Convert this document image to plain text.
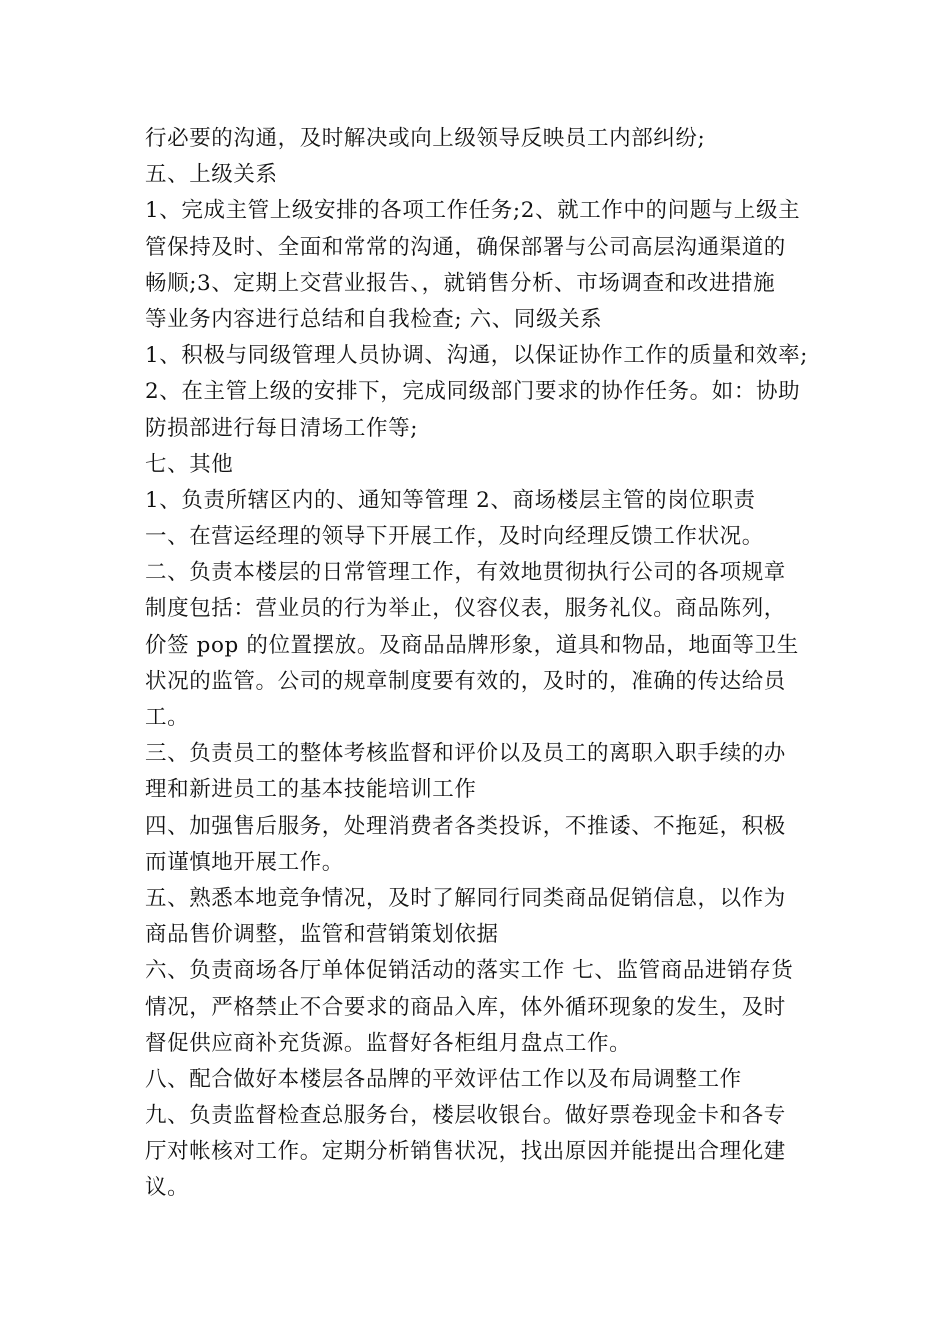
行必要的沟通，及时解决或向上级领导反映员工内部纠纷;
五、上级关系
1、完成主管上级安排的各项工作任务;2、就工作中的问题与上级主
管保持及时、全面和常常的沟通，确保部署与公司高层沟通渠道的
畅顺;3、定期上交营业报告、，就销售分析、市场调查和改进措施
等业务内容进行总结和自我检查; 六、同级关系
1、积极与同级管理人员协调、沟通，以保证协作工作的质量和效率;
2、在主管上级的安排下，完成同级部门要求的协作任务。如：协助
防损部进行每日清场工作等;
七、其他
1、负责所辖区内的、通知等管理 2、商场楼层主管的岗位职责
一、在营运经理的领导下开展工作，及时向经理反馈工作状况。
二、负责本楼层的日常管理工作，有效地贯彻执行公司的各项规章
制度包括：营业员的行为举止，仪容仪表，服务礼仪。商品陈列，
价签 pop 的位置摆放。及商品品牌形象，道具和物品，地面等卫生
状况的监管。公司的规章制度要有效的，及时的，准确的传达给员
工。
三、负责员工的整体考核监督和评价以及员工的离职入职手续的办
理和新进员工的基本技能培训工作
四、加强售后服务，处理消费者各类投诉，不推诿、不拖延，积极
而谨慎地开展工作。
五、熟悉本地竞争情况，及时了解同行同类商品促销信息，以作为
商品售价调整，监管和营销策划依据
六、负责商场各厅单体促销活动的落实工作 七、监管商品进销存货
情况，严格禁止不合要求的商品入库，体外循环现象的发生，及时
督促供应商补充货源。监督好各柜组月盘点工作。
八、配合做好本楼层各品牌的平效评估工作以及布局调整工作
九、负责监督检查总服务台，楼层收银台。做好票卷现金卡和各专
厅对帐核对工作。定期分析销售状况，找出原因并能提出合理化建
议。
